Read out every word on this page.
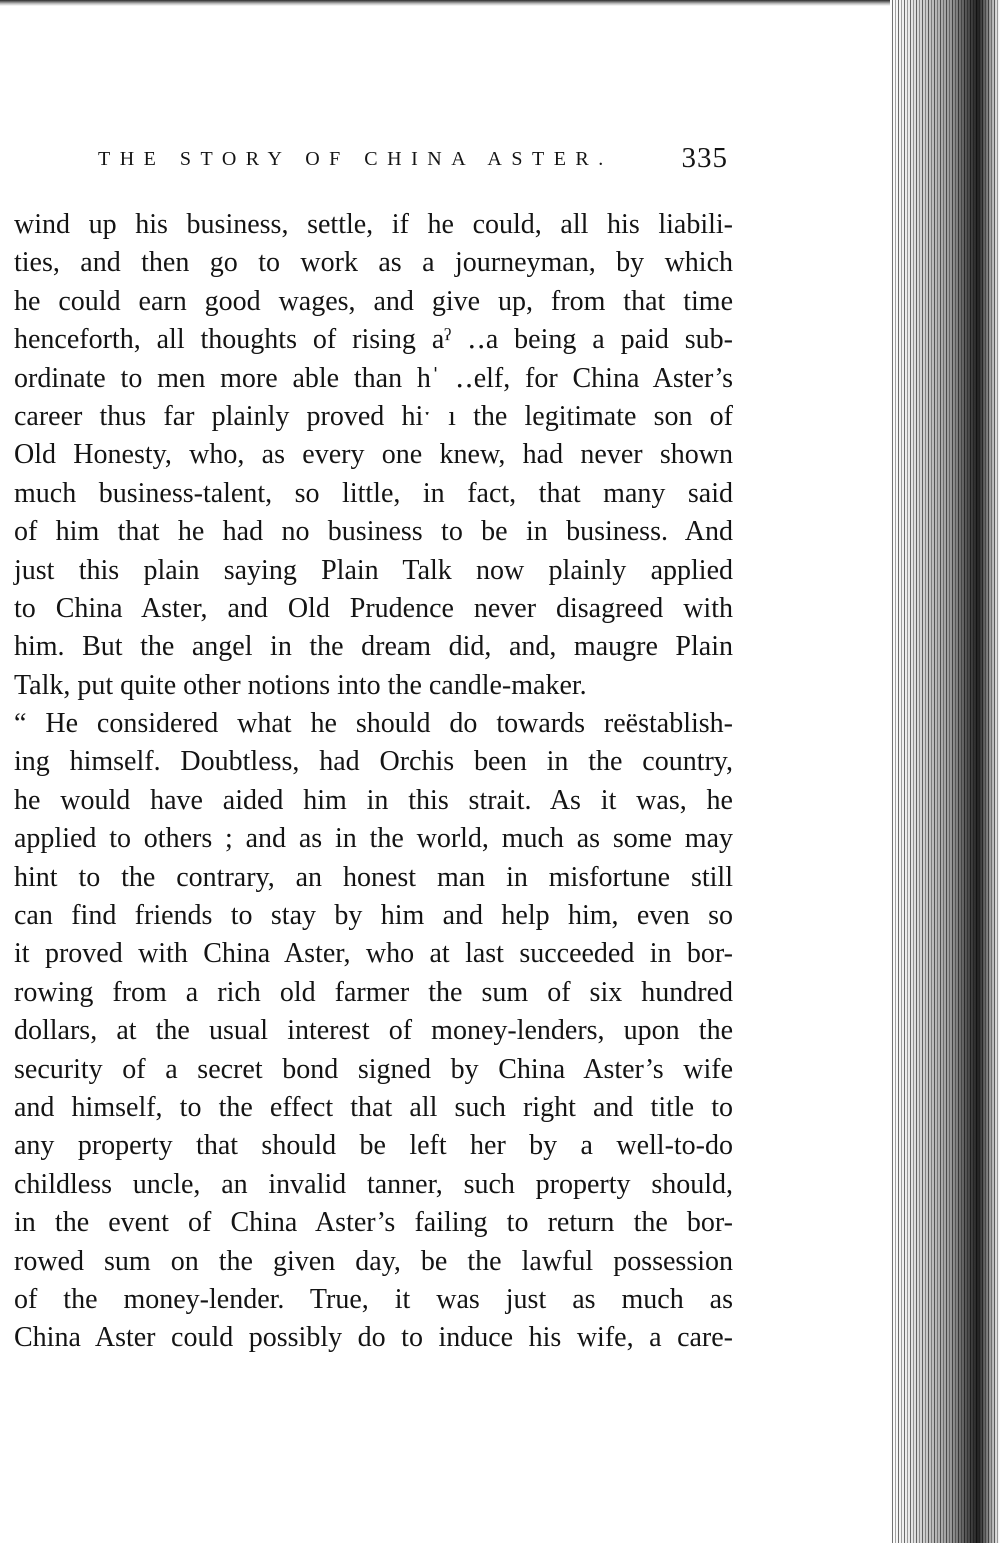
THE STORY OF CHINA ASTER. 335
wind up his business, settle, if he could, all his liabili-
ties, and then go to work as a journeyman, by which
he could earn good wages, and give up, from that time
henceforth, all thoughts of rising aˀ ․․a being a paid sub-
ordinate to men more able than hˈ ․․elf, for China Aster’s
career thus far plainly proved hiˑ ı the legitimate son of
Old Honesty, who, as every one knew, had never shown
much business-talent, so little, in fact, that many said
of him that he had no business to be in business. And
just this plain saying Plain Talk now plainly applied
to China Aster, and Old Prudence never disagreed with
him. But the angel in the dream did, and, maugre Plain
Talk, put quite other notions into the candle-maker.
“ He considered what he should do towards reëstablish-
ing himself. Doubtless, had Orchis been in the country,
he would have aided him in this strait. As it was, he
applied to others ; and as in the world, much as some may
hint to the contrary, an honest man in misfortune still
can find friends to stay by him and help him, even so
it proved with China Aster, who at last succeeded in bor-
rowing from a rich old farmer the sum of six hundred
dollars, at the usual interest of money-lenders, upon the
security of a secret bond signed by China Aster’s wife
and himself, to the effect that all such right and title to
any property that should be left her by a well-to-do
childless uncle, an invalid tanner, such property should,
in the event of China Aster’s failing to return the bor-
rowed sum on the given day, be the lawful possession
of the money-lender. True, it was just as much as
China Aster could possibly do to induce his wife, a care-
